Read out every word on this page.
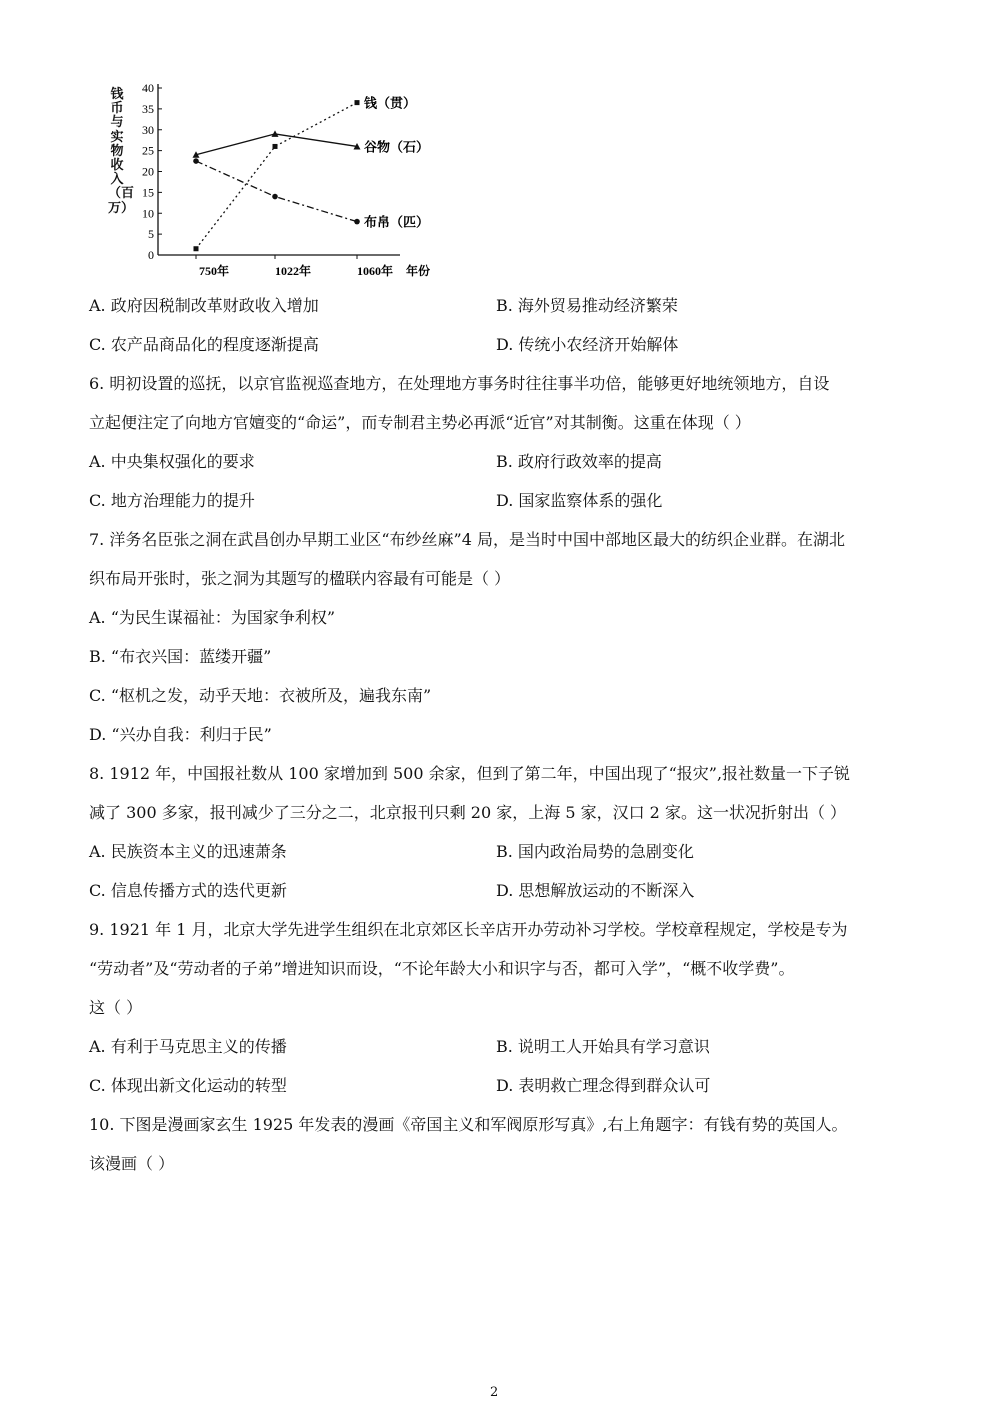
0
5
10
15
20
25
30
35
40
750年	1022年	1060年 年份
钱（贯）
谷物（石）
布帛（匹）
钱币与实物收入（百万）
A. 政府因税制改革财政收入增加	B. 海外贸易推动经济繁荣
C. 农产品商品化的程度逐渐提高	D. 传统小农经济开始解体
6. 明初设置的巡抚，以京官监视巡查地方，在处理地方事务时往往事半功倍，能够更好地统领地方，自设
立起便注定了向地方官嬗变的“命运”，而专制君主势必再派“近官”对其制衡。这重在体现（ ）
A. 中央集权强化的要求	B. 政府行政效率的提高
C. 地方治理能力的提升	D. 国家监察体系的强化
7. 洋务名臣张之洞在武昌创办早期工业区“布纱丝麻”4 局，是当时中国中部地区最大的纺织企业群。在湖北
织布局开张时，张之洞为其题写的楹联内容最有可能是（ ）
A. “为民生谋福祉：为国家争利权”
B. “布衣兴国：蓝缕开疆”
C. “枢机之发，动乎天地：衣被所及，遍我东南”
D. “兴办自我：利归于民”
8. 1912 年，中国报社数从 100 家增加到 500 余家，但到了第二年，中国出现了“报灾”,报社数量一下子锐
减了 300 多家，报刊减少了三分之二，北京报刊只剩 20 家，上海 5 家，汉口 2 家。这一状况折射出（ ）
A. 民族资本主义的迅速萧条	B. 国内政治局势的急剧变化
C. 信息传播方式的迭代更新	D. 思想解放运动的不断深入
9. 1921 年 1 月，北京大学先进学生组织在北京郊区长辛店开办劳动补习学校。学校章程规定，学校是专为
“劳动者”及“劳动者的子弟”增进知识而设，“不论年龄大小和识字与否，都可入学”，“概不收学费”。
这（ ）
A. 有利于马克思主义的传播	B. 说明工人开始具有学习意识
C. 体现出新文化运动的转型	D. 表明救亡理念得到群众认可
10. 下图是漫画家玄生 1925 年发表的漫画《帝国主义和军阀原形写真》,右上角题字：有钱有势的英国人。
该漫画（ ）
2
